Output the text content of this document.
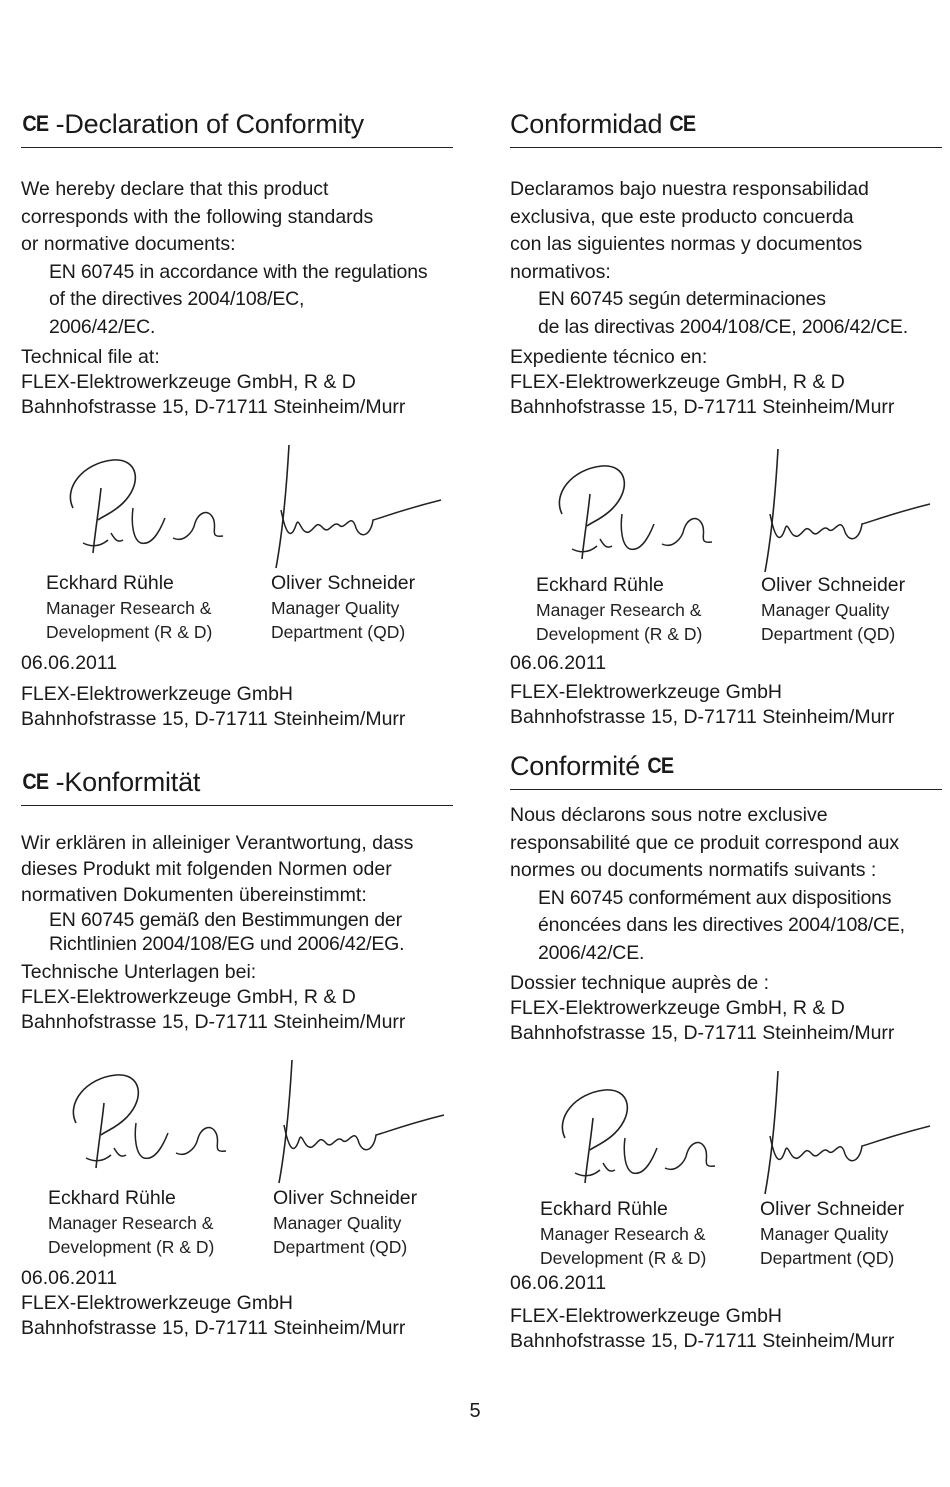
CE -Declaration of Conformity

We hereby declare that this product

corresponds with the following standards

or normative documents:

EN 60745 in accordance with the regulations

of the directives 2004/108/EC,

2006/42/EC.

Technical file at:

FLEX-Elektrowerkzeuge GmbH, R & D

Bahnhofstrasse 15, D-71711 Steinheim/Murr

Eckhard Rühle
Manager Research &
Development (R & D)
Oliver Schneider
Manager Quality
Department (QD)
06.06.2011

FLEX-Elektrowerkzeuge GmbH

Bahnhofstrasse 15, D-71711 Steinheim/Murr

CE -Konformität

Wir erklären in alleiniger Verantwortung, dass

dieses Produkt mit folgenden Normen oder

normativen Dokumenten übereinstimmt:

EN 60745 gemäß den Bestimmungen der

Richtlinien 2004/108/EG und 2006/42/EG.

Technische Unterlagen bei:

FLEX-Elektrowerkzeuge GmbH, R & D

Bahnhofstrasse 15, D-71711 Steinheim/Murr

Eckhard Rühle
Manager Research &
Development (R & D)
Oliver Schneider
Manager Quality
Department (QD)
06.06.2011

FLEX-Elektrowerkzeuge GmbH

Bahnhofstrasse 15, D-71711 Steinheim/Murr

Conformidad CE

Declaramos bajo nuestra responsabilidad

exclusiva, que este producto concuerda

con las siguientes normas y documentos

normativos:

EN 60745 según determinaciones

de las directivas 2004/108/CE, 2006/42/CE.

Expediente técnico en:

FLEX-Elektrowerkzeuge GmbH, R & D

Bahnhofstrasse 15, D-71711 Steinheim/Murr

Eckhard Rühle
Manager Research &
Development (R & D)
Oliver Schneider
Manager Quality
Department (QD)
06.06.2011

FLEX-Elektrowerkzeuge GmbH

Bahnhofstrasse 15, D-71711 Steinheim/Murr

Conformité CE

Nous déclarons sous notre exclusive

responsabilité que ce produit correspond aux

normes ou documents normatifs suivants :

EN 60745 conformément aux dispositions

énoncées dans les directives 2004/108/CE,

2006/42/CE.

Dossier technique auprès de :

FLEX-Elektrowerkzeuge GmbH, R & D

Bahnhofstrasse 15, D-71711 Steinheim/Murr

Eckhard Rühle
Manager Research &
Development (R & D)
Oliver Schneider
Manager Quality
Department (QD)
06.06.2011

FLEX-Elektrowerkzeuge GmbH

Bahnhofstrasse 15, D-71711 Steinheim/Murr

5
